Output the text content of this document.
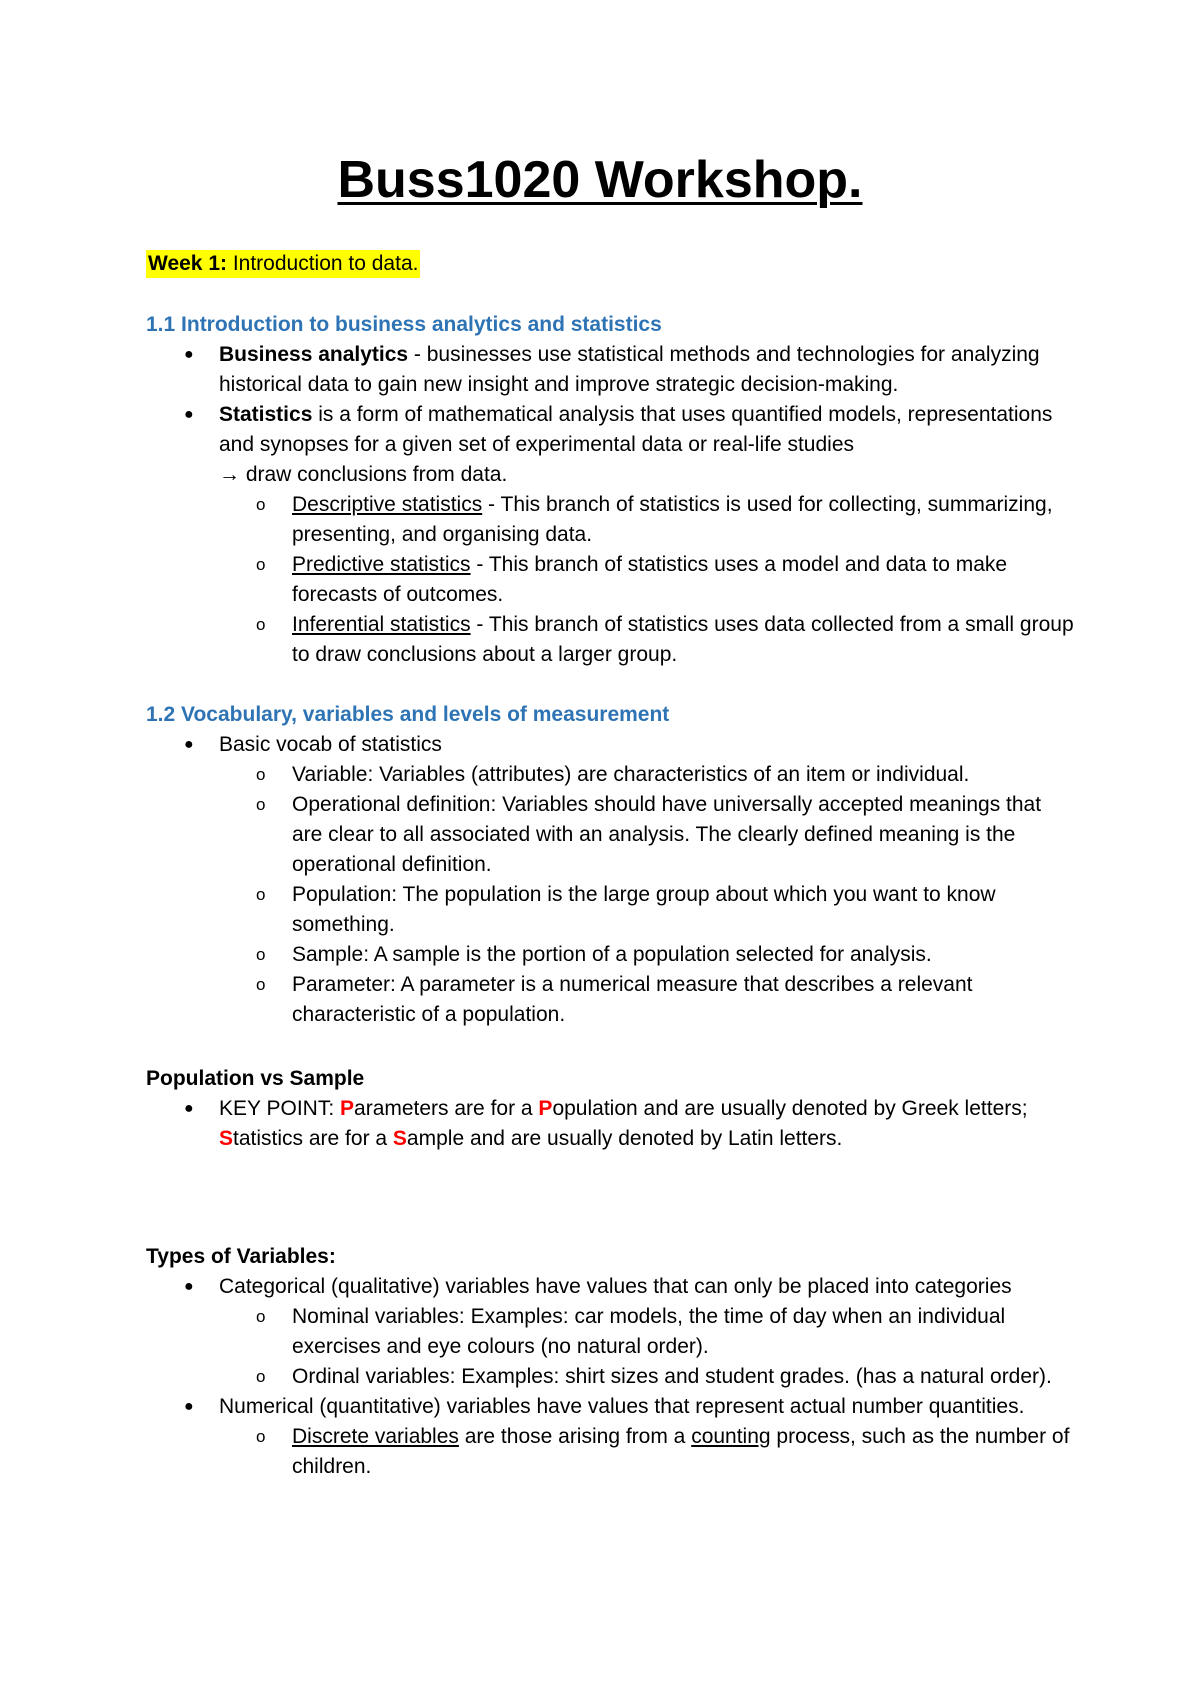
Buss1020 Workshop.

Week 1: Introduction to data.

1.1 Introduction to business analytics and statistics
● Business analytics - businesses use statistical methods and technologies for analyzing historical data to gain new insight and improve strategic decision-making.
● Statistics is a form of mathematical analysis that uses quantified models, representations and synopses for a given set of experimental data or real-life studies
→ draw conclusions from data.
o Descriptive statistics - This branch of statistics is used for collecting, summarizing, presenting, and organising data.
o Predictive statistics - This branch of statistics uses a model and data to make forecasts of outcomes.
o Inferential statistics - This branch of statistics uses data collected from a small group to draw conclusions about a larger group.
1.2 Vocabulary, variables and levels of measurement
● Basic vocab of statistics
o Variable: Variables (attributes) are characteristics of an item or individual.
o Operational definition: Variables should have universally accepted meanings that are clear to all associated with an analysis. The clearly defined meaning is the operational definition.
o Population: The population is the large group about which you want to know something.
o Sample: A sample is the portion of a population selected for analysis.
o Parameter: A parameter is a numerical measure that describes a relevant characteristic of a population.
Population vs Sample
● KEY POINT: Parameters are for a Population and are usually denoted by Greek letters; Statistics are for a Sample and are usually denoted by Latin letters.
Types of Variables:
● Categorical (qualitative) variables have values that can only be placed into categories
o Nominal variables: Examples: car models, the time of day when an individual exercises and eye colours (no natural order).
o Ordinal variables: Examples: shirt sizes and student grades. (has a natural order).
● Numerical (quantitative) variables have values that represent actual number quantities.
o Discrete variables are those arising from a counting process, such as the number of children.
